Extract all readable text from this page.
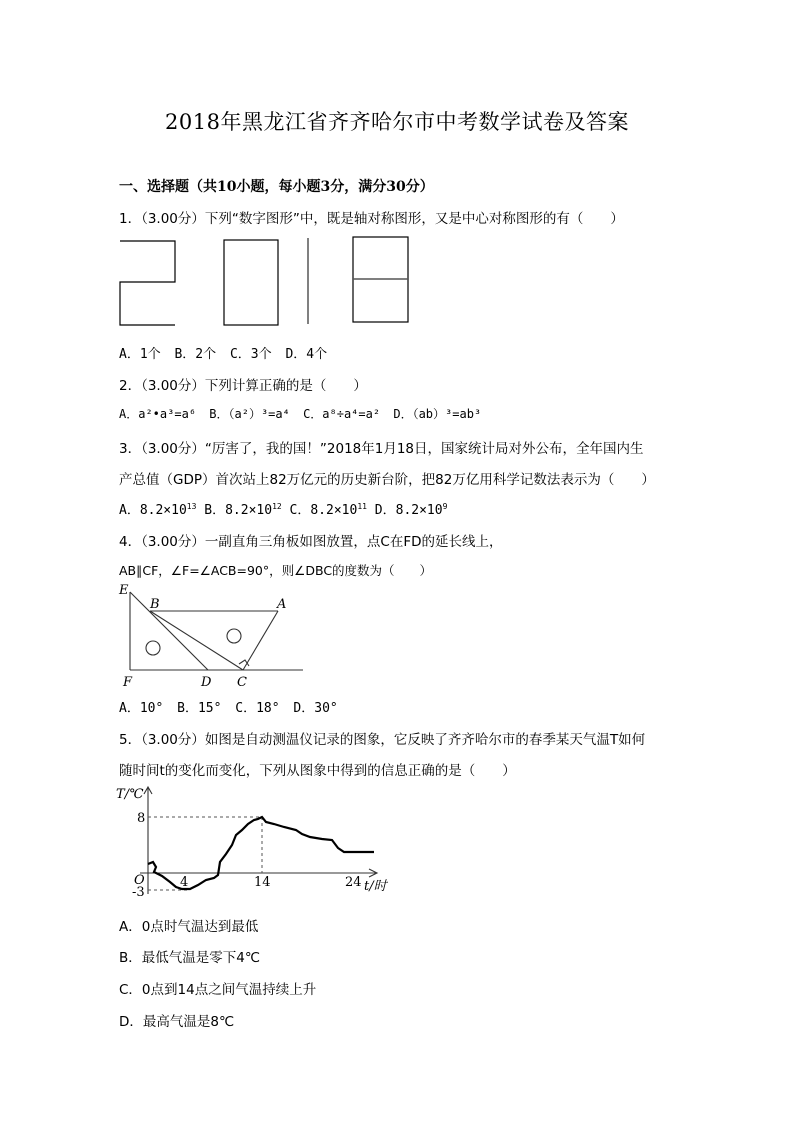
2018年黑龙江省齐齐哈尔市中考数学试卷及答案
一、选择题（共10小题，每小题3分，满分30分）
1．（3.00分）下列“数字图形”中，既是轴对称图形，又是中心对称图形的有（　　）
A．1个 B．2个 C．3个 D．4个
2．（3.00分）下列计算正确的是（　　）
A．a²•a³=a⁶ B．（a²）³=a⁴ C．a⁸÷a⁴=a² D．（ab）³=ab³
3．（3.00分）“厉害了，我的国！”2018年1月18日，国家统计局对外公布，全年国内生
产总值（GDP）首次站上82万亿元的历史新台阶，把82万亿用科学记数法表示为（　　）
A．$8.2\times 10^{13}$ B．$8.2\times 10^{12}$ C．$8.2\times 10^{11}$ D．$8.2\times 10^9$
4．（3.00分）一副直角三角板如图放置，点C在FD的延长线上，
AB∥CF，∠F=∠ACB=90°，则∠DBC的度数为（　　）
E
B	A
F	D C
A．10° B．15° C．18° D．30°
5．（3.00分）如图是自动测温仪记录的图象，它反映了齐齐哈尔市的春季某天气温T如何
随时间t的变化而变化，下列从图象中得到的信息正确的是（　　）
T/℃
8
O
-3
4	14	24 t/时
A．0点时气温达到最低
B．最低气温是零下4℃
C．0点到14点之间气温持续上升
D．最高气温是8℃
